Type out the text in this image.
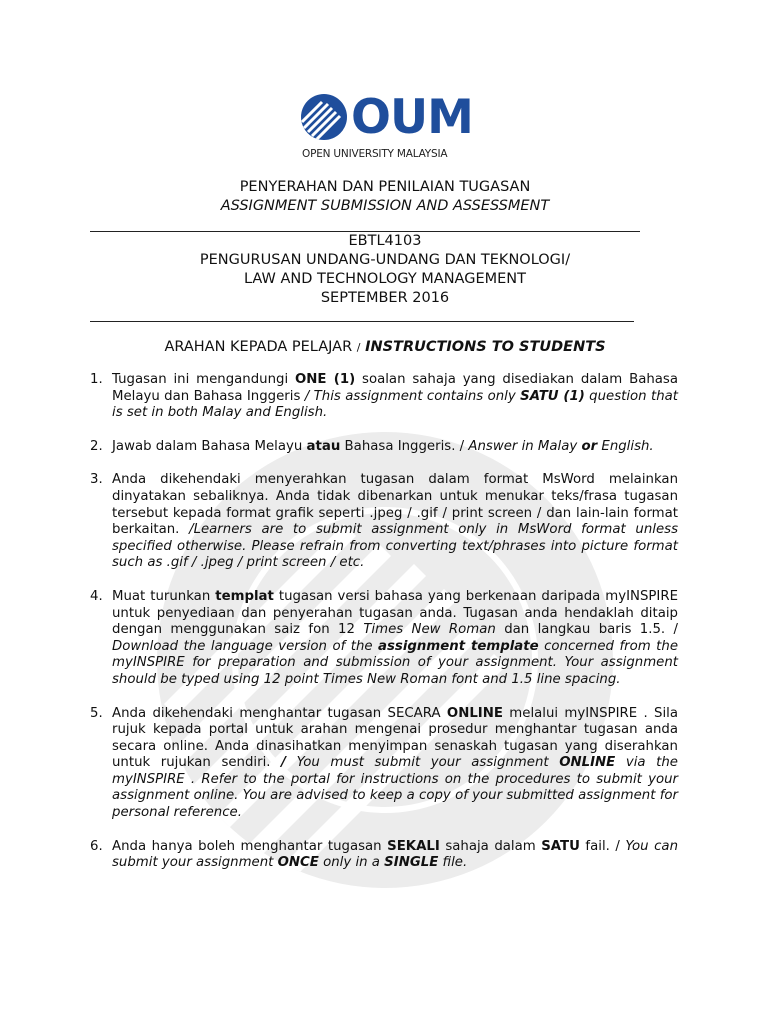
OUM
OPEN UNIVERSITY MALAYSIA
PENYERAHAN DAN PENILAIAN TUGASAN
ASSIGNMENT SUBMISSION AND ASSESSMENT
EBTL4103
PENGURUSAN UNDANG-UNDANG DAN TEKNOLOGI/
LAW AND TECHNOLOGY MANAGEMENT
SEPTEMBER 2016
ARAHAN KEPADA PELAJAR / INSTRUCTIONS TO STUDENTS
1. Tugasan ini mengandungi ONE (1) soalan sahaja yang disediakan dalam Bahasa Melayu dan Bahasa Inggeris / This assignment contains only SATU (1) question that is set in both Malay and English.
2. Jawab dalam Bahasa Melayu atau Bahasa Inggeris. / Answer in Malay or English.
3. Anda dikehendaki menyerahkan tugasan dalam format MsWord melainkan dinyatakan sebaliknya. Anda tidak dibenarkan untuk menukar teks/frasa tugasan tersebut kepada format grafik seperti .jpeg / .gif / print screen / dan lain-lain format berkaitan. /Learners are to submit assignment only in MsWord format unless specified otherwise. Please refrain from converting text/phrases into picture format such as .gif / .jpeg / print screen / etc.
4. Muat turunkan templat tugasan versi bahasa yang berkenaan daripada myINSPIRE untuk penyediaan dan penyerahan tugasan anda. Tugasan anda hendaklah ditaip dengan menggunakan saiz fon 12 Times New Roman dan langkau baris 1.5. / Download the language version of the assignment template concerned from the myINSPIRE for preparation and submission of your assignment. Your assignment should be typed using 12 point Times New Roman font and 1.5 line spacing.
5. Anda dikehendaki menghantar tugasan SECARA ONLINE melalui myINSPIRE . Sila rujuk kepada portal untuk arahan mengenai prosedur menghantar tugasan anda secara online. Anda dinasihatkan menyimpan senaskah tugasan yang diserahkan untuk rujukan sendiri. / You must submit your assignment ONLINE via the myINSPIRE . Refer to the portal for instructions on the procedures to submit your assignment online. You are advised to keep a copy of your submitted assignment for personal reference.
6. Anda hanya boleh menghantar tugasan SEKALI sahaja dalam SATU fail. / You can submit your assignment ONCE only in a SINGLE file.
